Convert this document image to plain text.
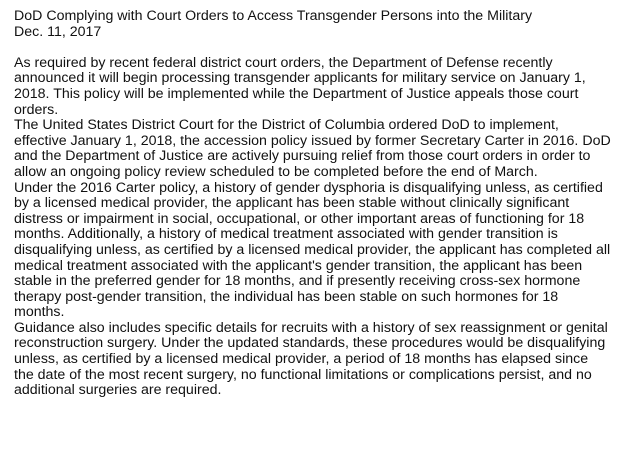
DoD Complying with Court Orders to Access Transgender Persons into the Military
Dec. 11, 2017

As required by recent federal district court orders, the Department of Defense recently
announced it will begin processing transgender applicants for military service on January 1,
2018. This policy will be implemented while the Department of Justice appeals those court
orders.

The United States District Court for the District of Columbia ordered DoD to implement,
effective January 1, 2018, the accession policy issued by former Secretary Carter in 2016. DoD
and the Department of Justice are actively pursuing relief from those court orders in order to
allow an ongoing policy review scheduled to be completed before the end of March.

Under the 2016 Carter policy, a history of gender dysphoria is disqualifying unless, as certified
by a licensed medical provider, the applicant has been stable without clinically significant
distress or impairment in social, occupational, or other important areas of functioning for 18
months. Additionally, a history of medical treatment associated with gender transition is
disqualifying unless, as certified by a licensed medical provider, the applicant has completed all
medical treatment associated with the applicant's gender transition, the applicant has been
stable in the preferred gender for 18 months, and if presently receiving cross-sex hormone
therapy post-gender transition, the individual has been stable on such hormones for 18
months.

Guidance also includes specific details for recruits with a history of sex reassignment or genital
reconstruction surgery. Under the updated standards, these procedures would be disqualifying
unless, as certified by a licensed medical provider, a period of 18 months has elapsed since
the date of the most recent surgery, no functional limitations or complications persist, and no
additional surgeries are required.
